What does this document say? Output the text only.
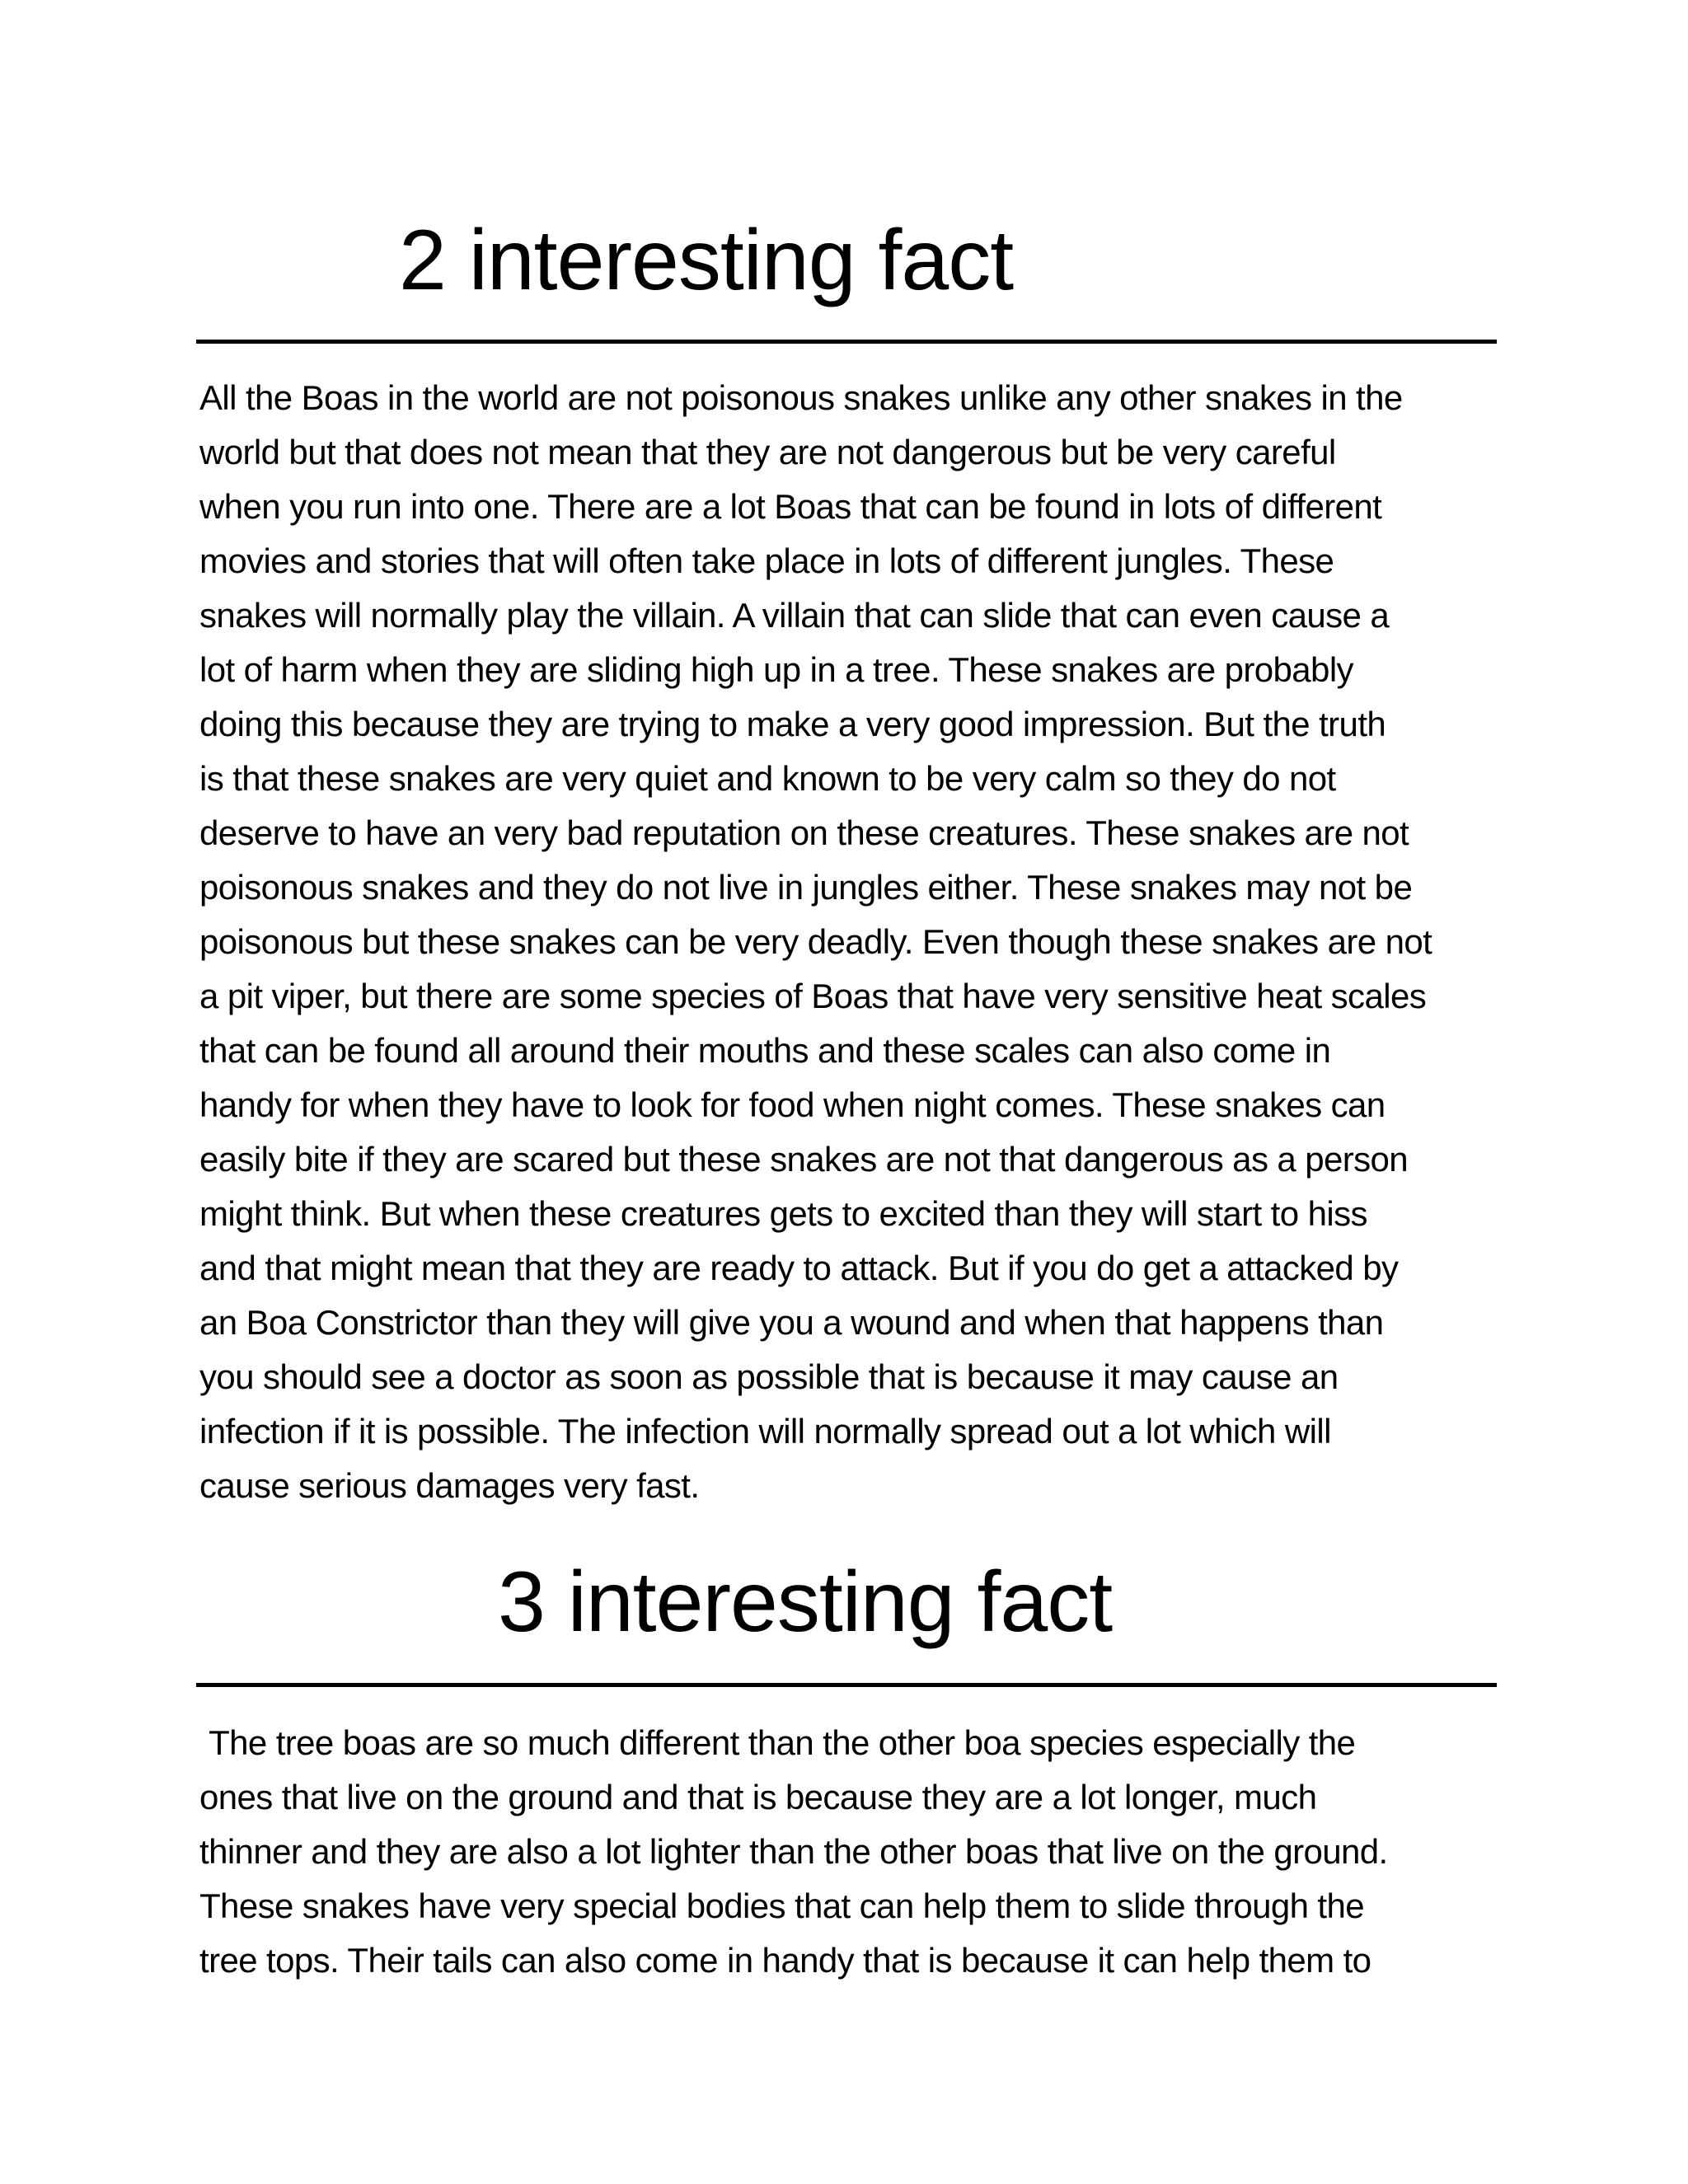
2 interesting fact

All the Boas in the world are not poisonous snakes unlike any other snakes in the
world but that does not mean that they are not dangerous but be very careful
when you run into one. There are a lot Boas that can be found in lots of different
movies and stories that will often take place in lots of different jungles. These
snakes will normally play the villain. A villain that can slide that can even cause a
lot of harm when they are sliding high up in a tree. These snakes are probably
doing this because they are trying to make a very good impression. But the truth
is that these snakes are very quiet and known to be very calm so they do not
deserve to have an very bad reputation on these creatures. These snakes are not
poisonous snakes and they do not live in jungles either. These snakes may not be
poisonous but these snakes can be very deadly. Even though these snakes are not
a pit viper, but there are some species of Boas that have very sensitive heat scales
that can be found all around their mouths and these scales can also come in
handy for when they have to look for food when night comes. These snakes can
easily bite if they are scared but these snakes are not that dangerous as a person
might think. But when these creatures gets to excited than they will start to hiss
and that might mean that they are ready to attack. But if you do get a attacked by
an Boa Constrictor than they will give you a wound and when that happens than
you should see a doctor as soon as possible that is because it may cause an
infection if it is possible. The infection will normally spread out a lot which will
cause serious damages very fast.

3 interesting fact

The tree boas are so much different than the other boa species especially the
ones that live on the ground and that is because they are a lot longer, much
thinner and they are also a lot lighter than the other boas that live on the ground.
These snakes have very special bodies that can help them to slide through the
tree tops. Their tails can also come in handy that is because it can help them to
